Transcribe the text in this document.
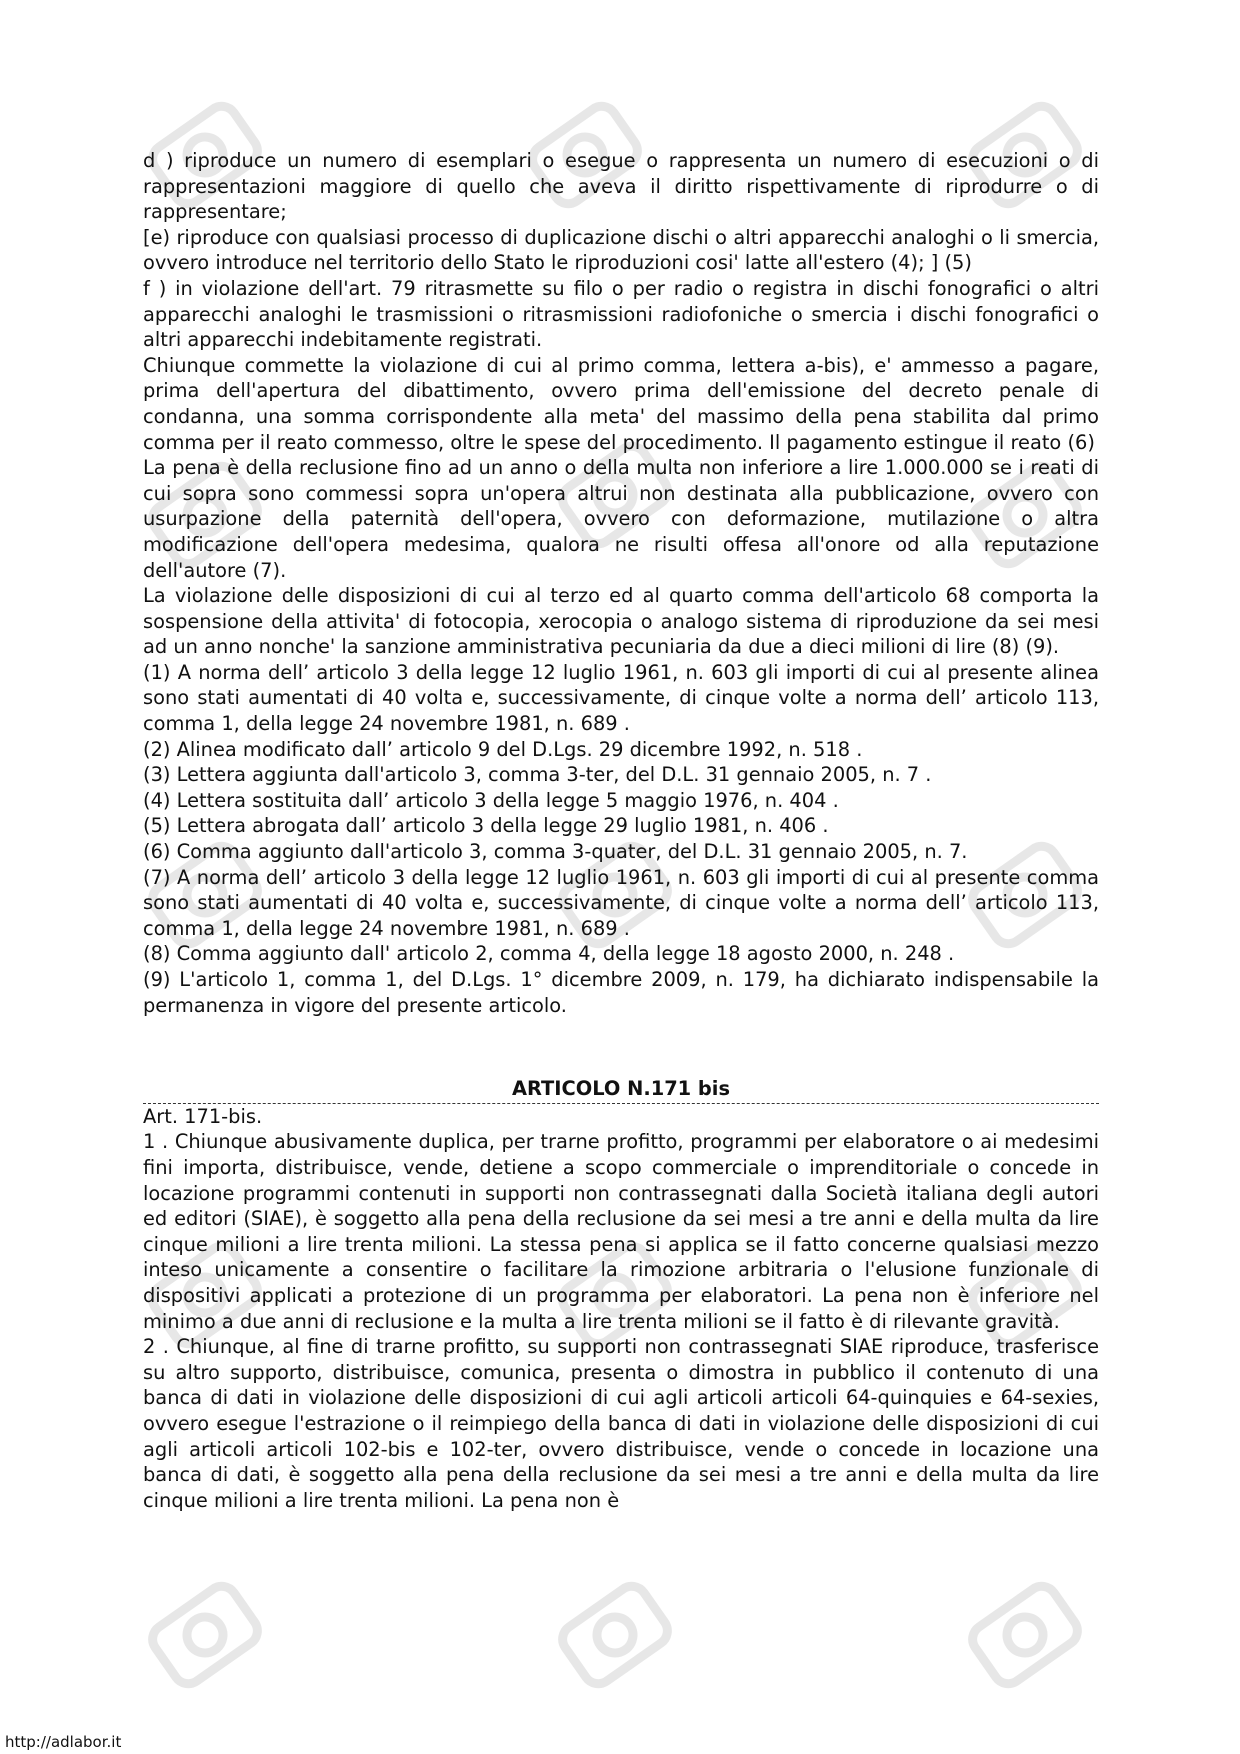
d ) riproduce un numero di esemplari o esegue o rappresenta un numero di esecuzioni o di rappresentazioni maggiore di quello che aveva il diritto rispettivamente di riprodurre o di rappresentare;

[e) riproduce con qualsiasi processo di duplicazione dischi o altri apparecchi analoghi o li smercia, ovvero introduce nel territorio dello Stato le riproduzioni cosi' latte all'estero (4); ] (5)

f ) in violazione dell'art. 79 ritrasmette su filo o per radio o registra in dischi fonografici o altri apparecchi analoghi le trasmissioni o ritrasmissioni radiofoniche o smercia i dischi fonografici o altri apparecchi indebitamente registrati.

Chiunque commette la violazione di cui al primo comma, lettera a-bis), e' ammesso a pagare, prima dell'apertura del dibattimento, ovvero prima dell'emissione del decreto penale di condanna, una somma corrispondente alla meta' del massimo della pena stabilita dal primo comma per il reato commesso, oltre le spese del procedimento. Il pagamento estingue il reato (6)

La pena è della reclusione fino ad un anno o della multa non inferiore a lire 1.000.000 se i reati di cui sopra sono commessi sopra un'opera altrui non destinata alla pubblicazione, ovvero con usurpazione della paternità dell'opera, ovvero con deformazione, mutilazione o altra modificazione dell'opera medesima, qualora ne risulti offesa all'onore od alla reputazione dell'autore (7).

La violazione delle disposizioni di cui al terzo ed al quarto comma dell'articolo 68 comporta la sospensione della attivita' di fotocopia, xerocopia o analogo sistema di riproduzione da sei mesi ad un anno nonche' la sanzione amministrativa pecuniaria da due a dieci milioni di lire (8) (9).

(1) A norma dell’ articolo 3 della legge 12 luglio 1961, n. 603 gli importi di cui al presente alinea sono stati aumentati di 40 volta e, successivamente, di cinque volte a norma dell’ articolo 113, comma 1, della legge 24 novembre 1981, n. 689 .

(2) Alinea modificato dall’ articolo 9 del D.Lgs. 29 dicembre 1992, n. 518 .

(3) Lettera aggiunta dall'articolo 3, comma 3-ter, del D.L. 31 gennaio 2005, n. 7 .

(4) Lettera sostituita dall’ articolo 3 della legge 5 maggio 1976, n. 404 .

(5) Lettera abrogata dall’ articolo 3 della legge 29 luglio 1981, n. 406 .

(6) Comma aggiunto dall'articolo 3, comma 3-quater, del D.L. 31 gennaio 2005, n. 7.

(7) A norma dell’ articolo 3 della legge 12 luglio 1961, n. 603 gli importi di cui al presente comma sono stati aumentati di 40 volta e, successivamente, di cinque volte a norma dell’ articolo 113, comma 1, della legge 24 novembre 1981, n. 689 .

(8) Comma aggiunto dall' articolo 2, comma 4, della legge 18 agosto 2000, n. 248 .

(9) L'articolo 1, comma 1, del D.Lgs. 1° dicembre 2009, n. 179, ha dichiarato indispensabile la permanenza in vigore del presente articolo.

ARTICOLO N.171 bis

Art. 171-bis.

1 . Chiunque abusivamente duplica, per trarne profitto, programmi per elaboratore o ai medesimi fini importa, distribuisce, vende, detiene a scopo commerciale o imprenditoriale o concede in locazione programmi contenuti in supporti non contrassegnati dalla Società italiana degli autori ed editori (SIAE), è soggetto alla pena della reclusione da sei mesi a tre anni e della multa da lire cinque milioni a lire trenta milioni. La stessa pena si applica se il fatto concerne qualsiasi mezzo inteso unicamente a consentire o facilitare la rimozione arbitraria o l'elusione funzionale di dispositivi applicati a protezione di un programma per elaboratori. La pena non è inferiore nel minimo a due anni di reclusione e la multa a lire trenta milioni se il fatto è di rilevante gravità.

2 . Chiunque, al fine di trarne profitto, su supporti non contrassegnati SIAE riproduce, trasferisce su altro supporto, distribuisce, comunica, presenta o dimostra in pubblico il contenuto di una banca di dati in violazione delle disposizioni di cui agli articoli articoli 64-quinquies e 64-sexies, ovvero esegue l'estrazione o il reimpiego della banca di dati in violazione delle disposizioni di cui agli articoli articoli 102-bis e 102-ter, ovvero distribuisce, vende o concede in locazione una banca di dati, è soggetto alla pena della reclusione da sei mesi a tre anni e della multa da lire cinque milioni a lire trenta milioni. La pena non è

http://adlabor.it
